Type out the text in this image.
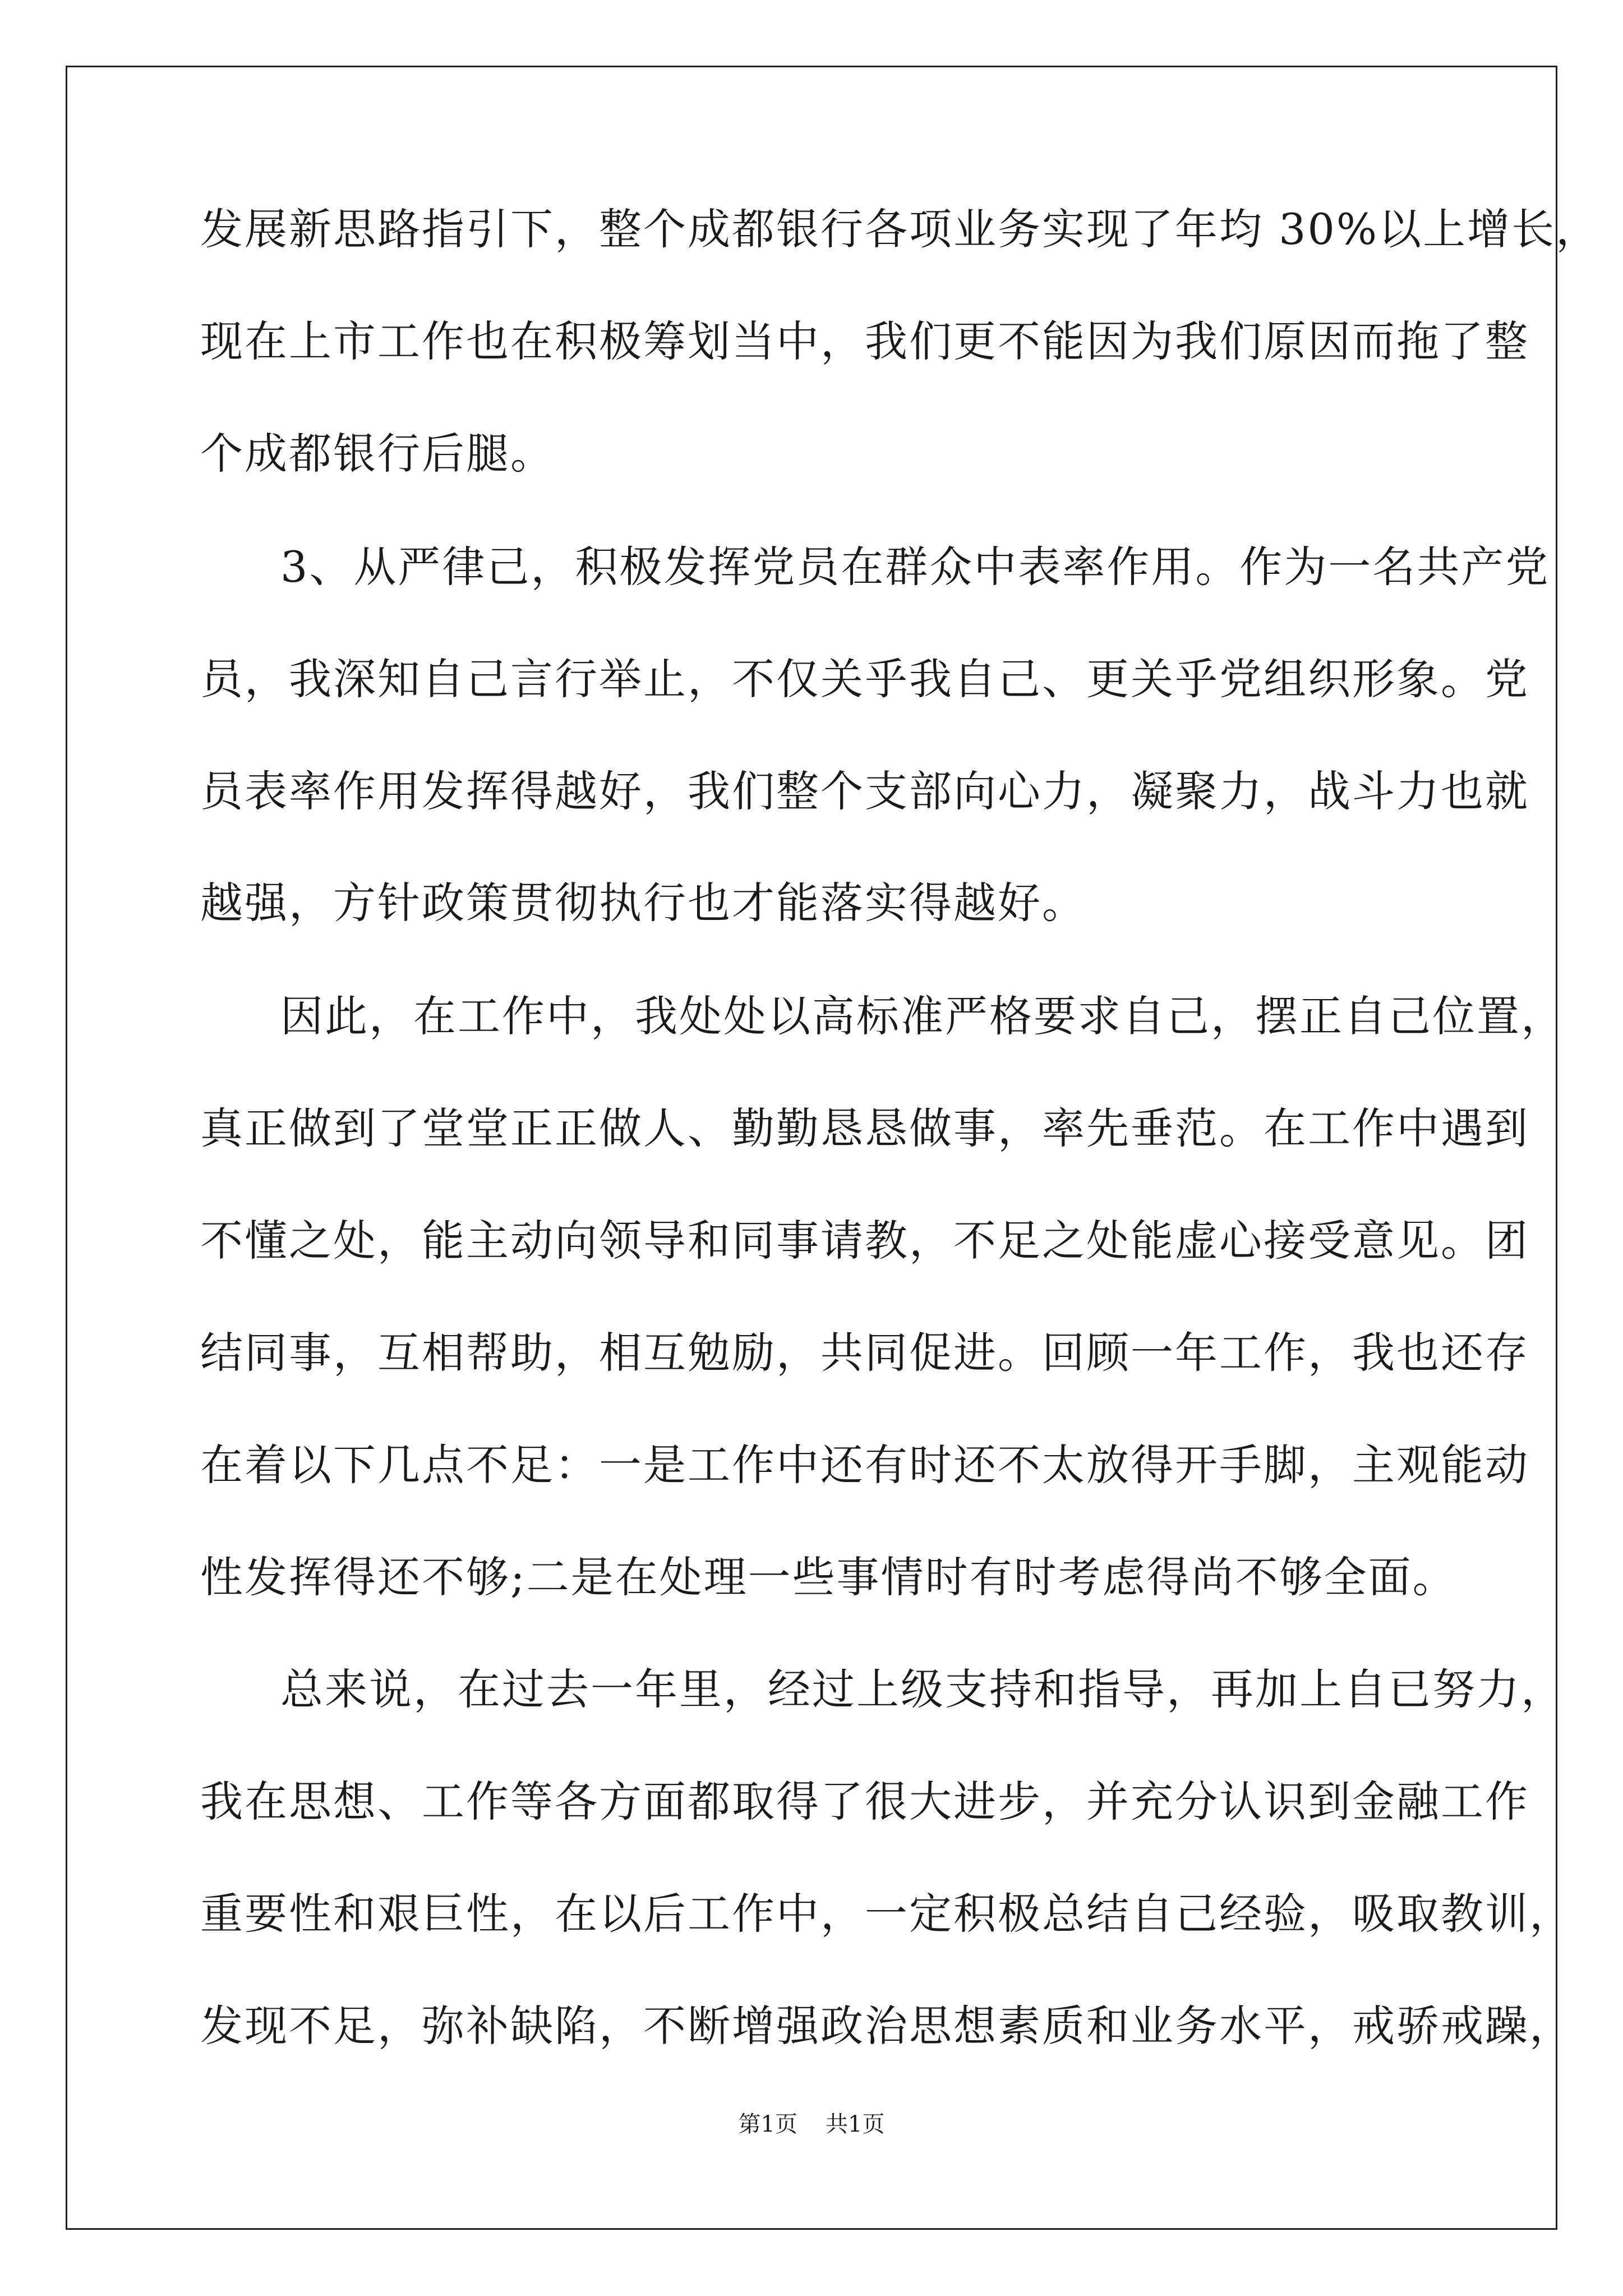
发展新思路指引下，整个成都银行各项业务实现了年均 30%以上增长，

现在上市工作也在积极筹划当中，我们更不能因为我们原因而拖了整

个成都银行后腿。

3、从严律己，积极发挥党员在群众中表率作用。作为一名共产党

员，我深知自己言行举止，不仅关乎我自己、更关乎党组织形象。党

员表率作用发挥得越好，我们整个支部向心力，凝聚力，战斗力也就

越强，方针政策贯彻执行也才能落实得越好。

因此，在工作中，我处处以高标准严格要求自己，摆正自己位置，

真正做到了堂堂正正做人、勤勤恳恳做事，率先垂范。在工作中遇到

不懂之处，能主动向领导和同事请教，不足之处能虚心接受意见。团

结同事，互相帮助，相互勉励，共同促进。回顾一年工作，我也还存

在着以下几点不足：一是工作中还有时还不太放得开手脚，主观能动

性发挥得还不够;二是在处理一些事情时有时考虑得尚不够全面。

总来说，在过去一年里，经过上级支持和指导，再加上自已努力，

我在思想、工作等各方面都取得了很大进步，并充分认识到金融工作

重要性和艰巨性，在以后工作中，一定积极总结自己经验，吸取教训，

发现不足，弥补缺陷，不断增强政治思想素质和业务水平，戒骄戒躁，

第1页 共1页
